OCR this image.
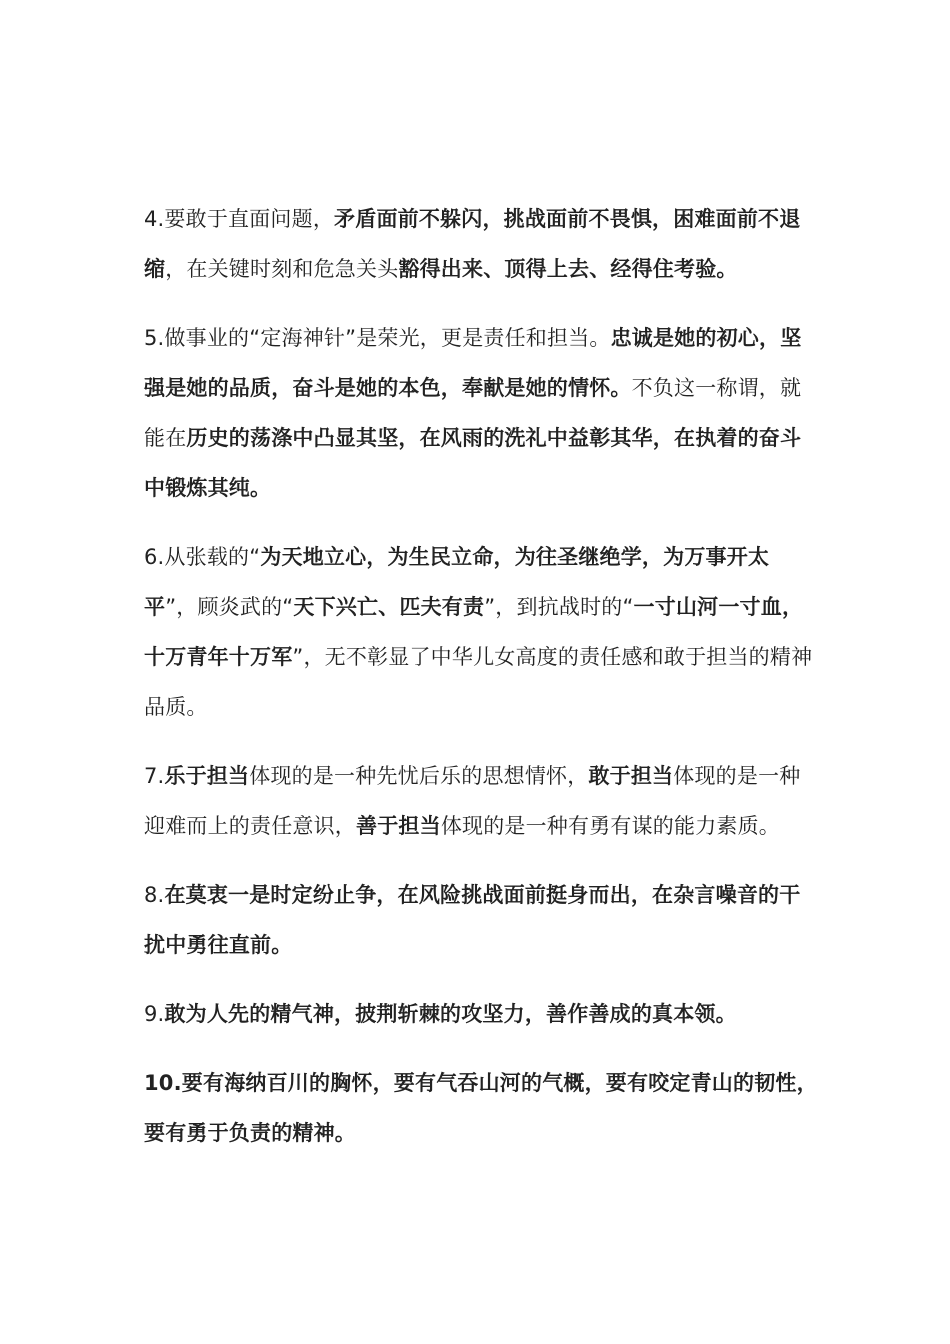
4.要敢于直面问题，矛盾面前不躲闪，挑战面前不畏惧，困难面前不退缩，在关键时刻和危急关头豁得出来、顶得上去、经得住考验。

5.做事业的“定海神针”是荣光，更是责任和担当。忠诚是她的初心，坚强是她的品质，奋斗是她的本色，奉献是她的情怀。不负这一称谓，就能在历史的荡涤中凸显其坚，在风雨的洗礼中益彰其华，在执着的奋斗中锻炼其纯。

6.从张载的“为天地立心，为生民立命，为往圣继绝学，为万事开太平”，顾炎武的“天下兴亡、匹夫有责”，到抗战时的“一寸山河一寸血，十万青年十万军”，无不彰显了中华儿女高度的责任感和敢于担当的精神品质。

7.乐于担当体现的是一种先忧后乐的思想情怀，敢于担当体现的是一种迎难而上的责任意识，善于担当体现的是一种有勇有谋的能力素质。

8.在莫衷一是时定纷止争，在风险挑战面前挺身而出，在杂言噪音的干扰中勇往直前。

9.敢为人先的精气神，披荆斩棘的攻坚力，善作善成的真本领。

10.要有海纳百川的胸怀，要有气吞山河的气概，要有咬定青山的韧性，要有勇于负责的精神。
